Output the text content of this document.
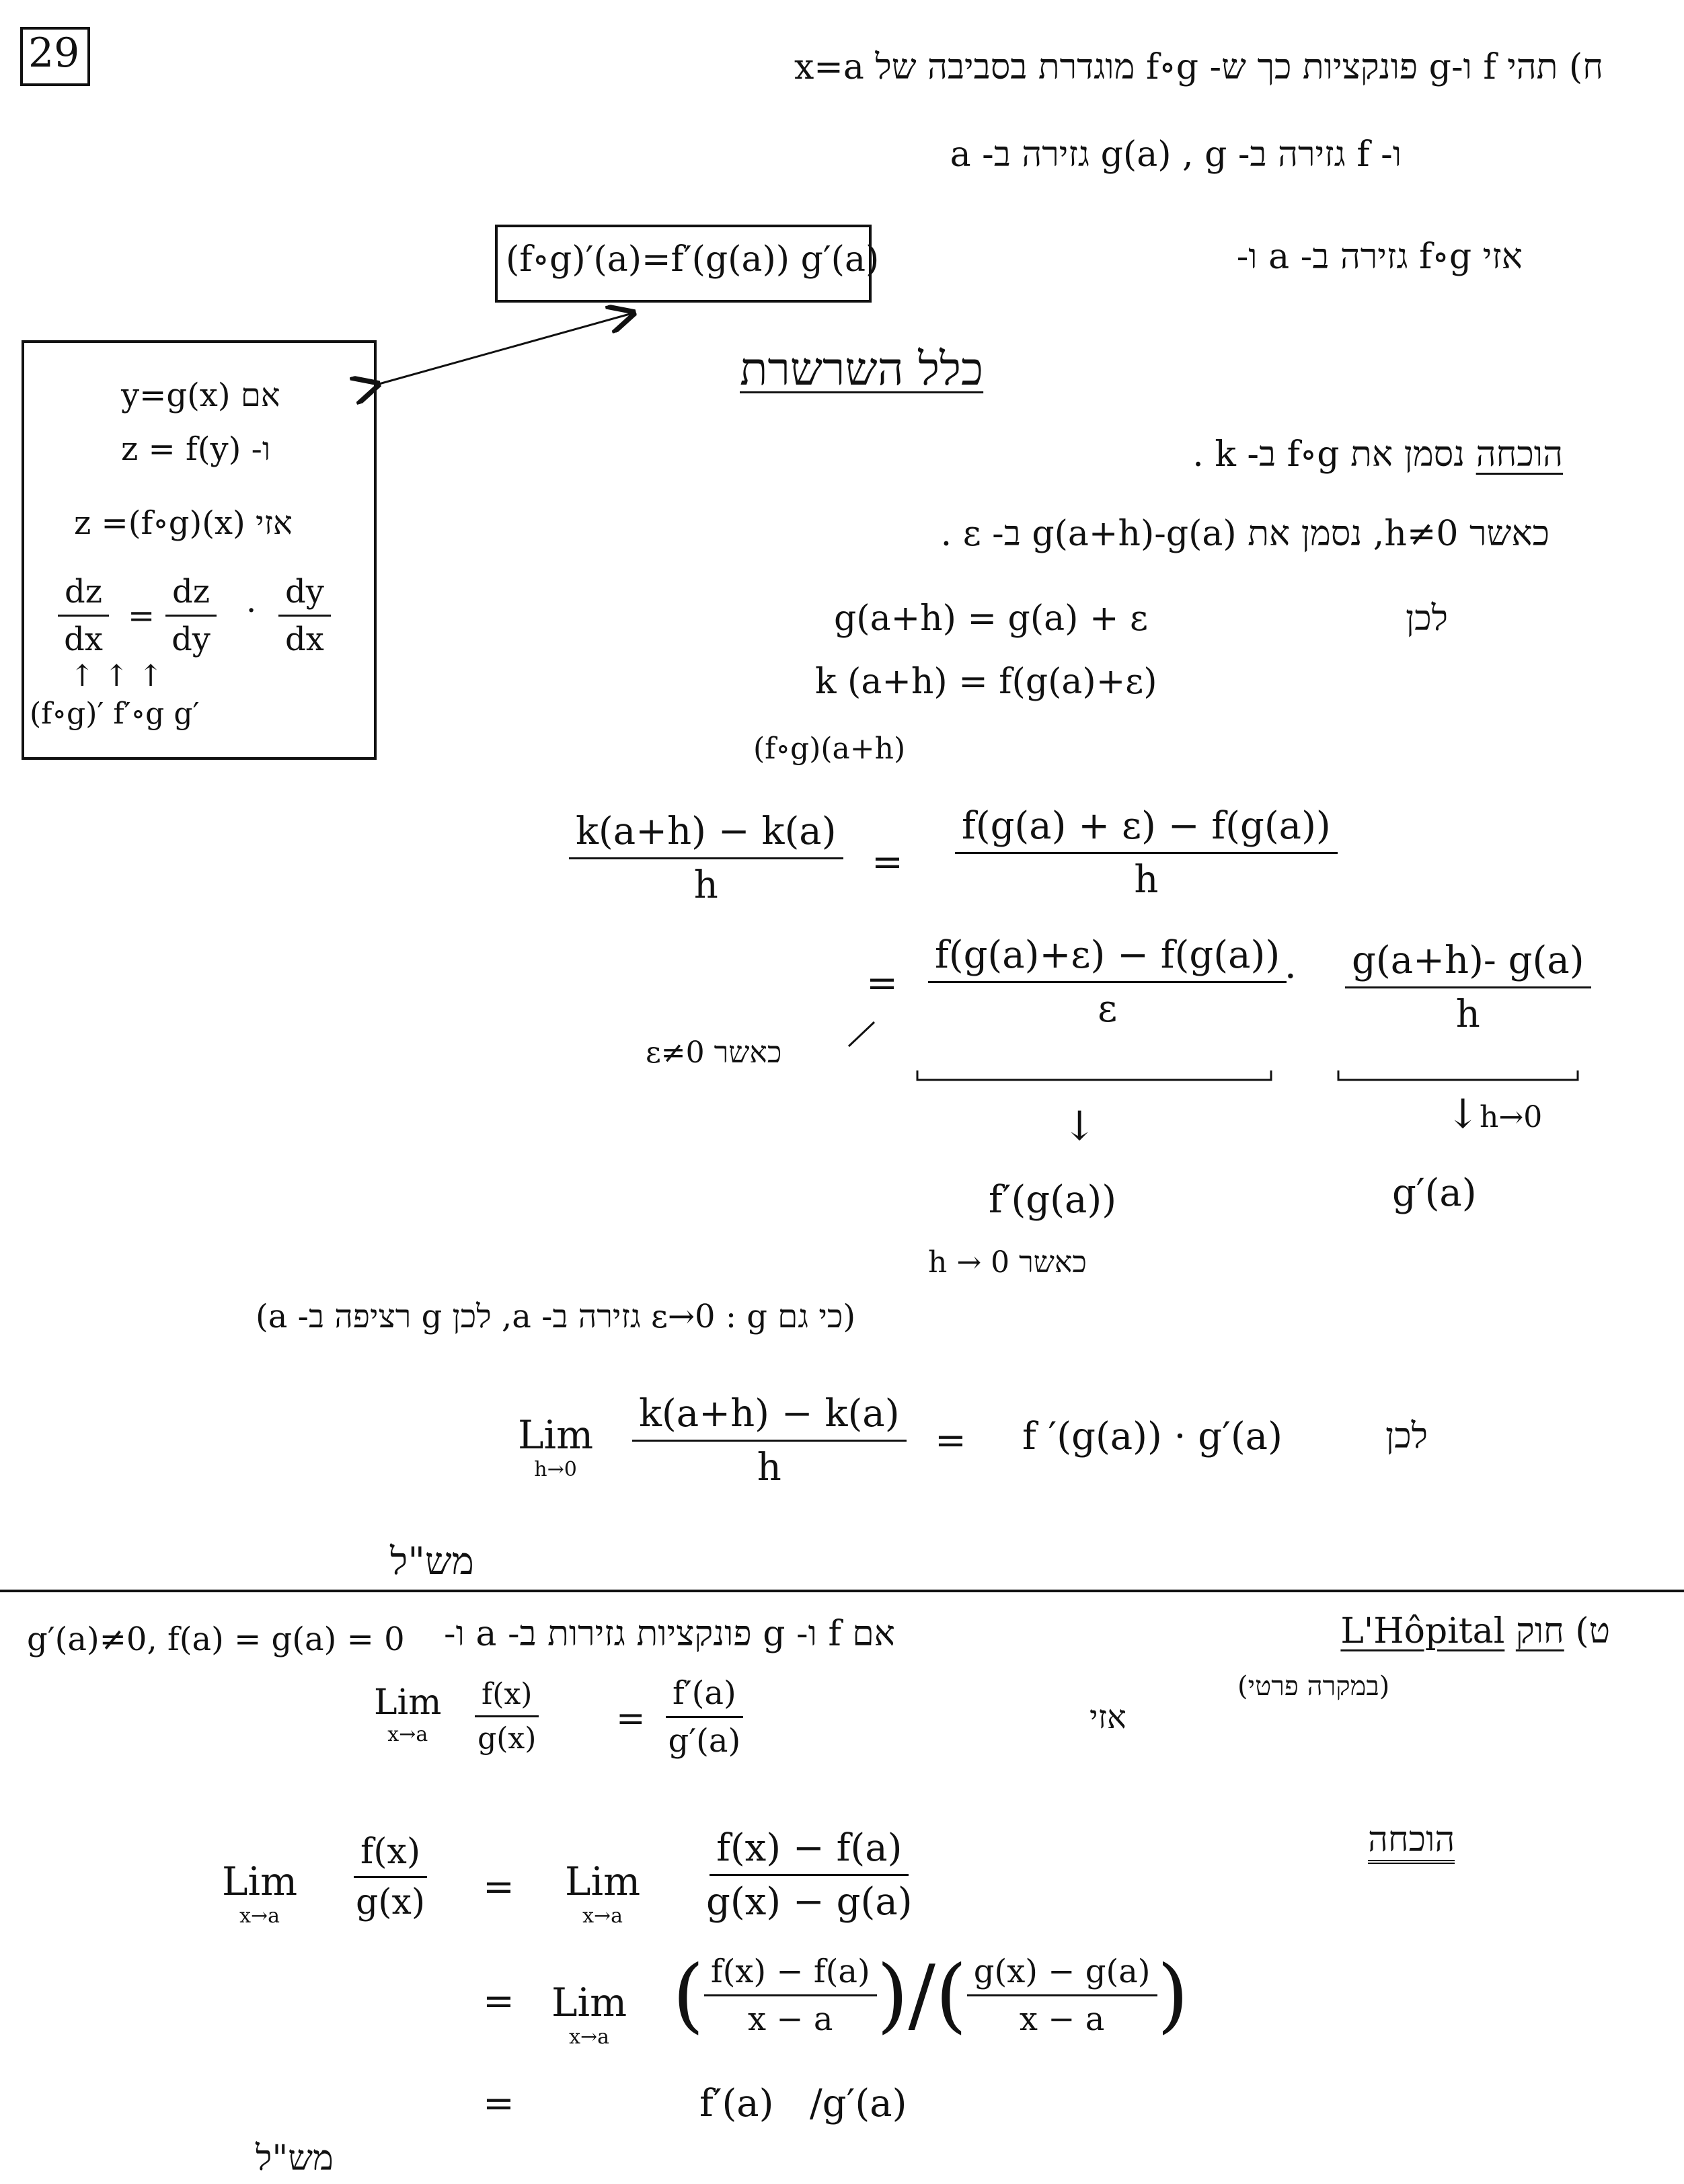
29	ח) תהי f ו-g פונקציות כך ש- f∘g מוגדרת בסביבה של x=a
ו- f גזירה ב- g(a) , g גזירה ב- a
אזי f∘g גזירה ב- a ו-
(f∘g)′(a)=f′(g(a)) g′(a)
כלל השרשרת
אם y=g(x)
ו- z = f(y)
אזי z =(f∘g)(x)
$\frac{dz}{dx} = \frac{dz}{dy} \cdot \frac{dy}{dx}$
↑ ↑ ↑
(f∘g)′ f′∘g g′
הוכחה נסמן את f∘g ב- k .
כאשר h≠0, נסמן את g(a+h)-g(a) ב- ε .
לכן
g(a+h) = g(a) + ε
k (a+h) = f(g(a)+ε)
(f∘g)(a+h)
$\frac{k(a+h) - k(a)}{h} = \frac{f(g(a) + \varepsilon) - f(g(a))}{h}$
= $\frac{f(g(a)+\varepsilon) - f(g(a))}{\varepsilon}$
· $\frac{g(a+h)- g(a)}{h}$
כאשר ε≠0
↓	↓ h→0
f′(g(a))	g′(a)
כאשר h → 0
(כי גם ε→0 : g גזירה ב- a, לכן g רציפה ב- a)
לכן
Lim
$h\to 0 \frac{k(a+h) - k(a)}{h} = f$ ′(g(a)) · g′(a)
מש"ל
ט) חוק L'Hôpital
(במקרה פרטי)
אם f ו- g פונקציות גזירות ב- a ו-
g′(a)≠0, f(a) = g(a) = 0
אזי
Lim
$x\to a \frac{f(x)}{g(x)} = \frac{f'(a)}{g'(a)}$
הוכחה
Lim
$x\to a \frac{f(x)}{g(x)}$ = Lim
$x\to a \frac{f(x) - f(a)}{g(x) - g(a)}$
= Lim
x→a ( $\frac{f(x) - f(a)}{x - a}$ )/( $\frac{g(x) - g(a)}{x - a}$ )
=	f′(a)   /g′(a)
מש"ל
